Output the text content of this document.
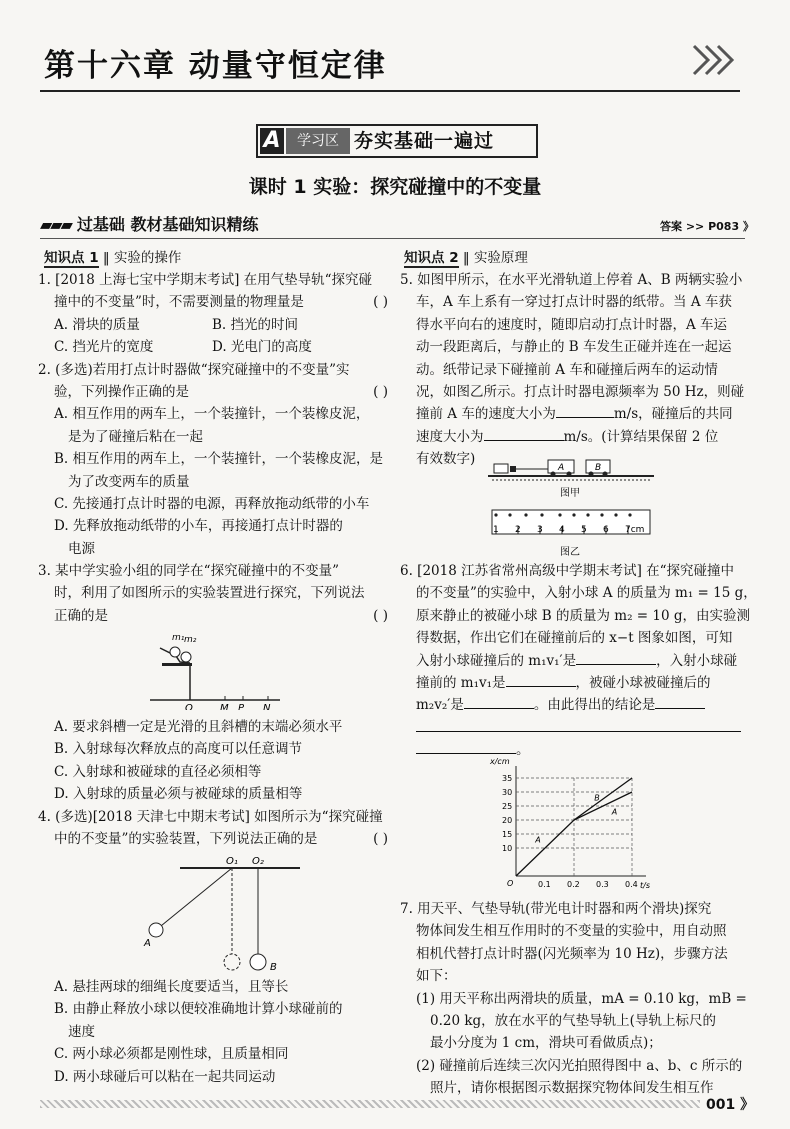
第十六章 动量守恒定律
A	学习区 夯实基础一遍过
课时 1 实验：探究碰撞中的不变量
▰▰▰ 过基础 教材基础知识精练	答案 >> P083 》
知识点 1 ‖ 实验的操作
1. [2018 上海七宝中学期末考试] 在用气垫导轨“探究碰
撞中的不变量”时，不需要测量的物理量是	( )
A. 滑块的质量	B. 挡光的时间
C. 挡光片的宽度	D. 光电门的高度
2. (多选)若用打点计时器做“探究碰撞中的不变量”实
验，下列操作正确的是	( )
A. 相互作用的两车上，一个装撞针，一个装橡皮泥，
是为了碰撞后粘在一起
B. 相互作用的两车上，一个装撞针，一个装橡皮泥，是
为了改变两车的质量
C. 先接通打点计时器的电源，再释放拖动纸带的小车
D. 先释放拖动纸带的小车，再接通打点计时器的
电源
3. 某中学实验小组的同学在“探究碰撞中的不变量”
时，利用了如图所示的实验装置进行探究，下列说法
正确的是	( )
m₁ m₂
O	M P N
A. 要求斜槽一定是光滑的且斜槽的末端必须水平
B. 入射球每次释放点的高度可以任意调节
C. 入射球和被碰球的直径必须相等
D. 入射球的质量必须与被碰球的质量相等
4. (多选)[2018 天津七中期末考试] 如图所示为“探究碰撞
中的不变量”的实验装置，下列说法正确的是	( )
O₁ O₂
A
B
A. 悬挂两球的细绳长度要适当，且等长
B. 由静止释放小球以便较准确地计算小球碰前的
速度
C. 两小球必须都是刚性球，且质量相同
D. 两小球碰后可以粘在一起共同运动
知识点 2 ‖ 实验原理
5. 如图甲所示，在水平光滑轨道上停着 A、B 两辆实验小
车，A 车上系有一穿过打点计时器的纸带。当 A 车获
得水平向右的速度时，随即启动打点计时器，A 车运
动一段距离后，与静止的 B 车发生正碰并连在一起运
动。纸带记录下碰撞前 A 车和碰撞后两车的运动情
况，如图乙所示。打点计时器电源频率为 50 Hz，则碰
撞前 A 车的速度大小为	m/s，碰撞后的共同
速度大小为	m/s。(计算结果保留 2 位
有效数字)
A	B
图甲
1 2 3 4 5 6 7cm
图乙
6. [2018 江苏省常州高级中学期末考试] 在“探究碰撞中
的不变量”的实验中，入射小球 A 的质量为 m₁ = 15 g，
原来静止的被碰小球 B 的质量为 m₂ = 10 g，由实验测
得数据，作出它们在碰撞前后的 x−t 图象如图，可知
入射小球碰撞后的 m₁v₁′是	，入射小球碰
撞前的 m₁v₁是	，被碰小球被碰撞后的
m₂v₂′是	。由此得出的结论是
。
t/s
x/cm
O	0.1 0.2 0.3 0.4
10
15
20
25
30
35
A
B
A
7. 用天平、气垫导轨(带光电计时器和两个滑块)探究
物体间发生相互作用时的不变量的实验中，用自动照
相机代替打点计时器(闪光频率为 10 Hz)，步骤方法
如下：
(1) 用天平称出两滑块的质量，mA = 0.10 kg，mB =
0.20 kg，放在水平的气垫导轨上(导轨上标尺的
最小分度为 1 cm，滑块可看做质点)；
(2) 碰撞前后连续三次闪光拍照得图中 a、b、c 所示的
照片，请你根据图示数据探究物体间发生相互作
001 》
